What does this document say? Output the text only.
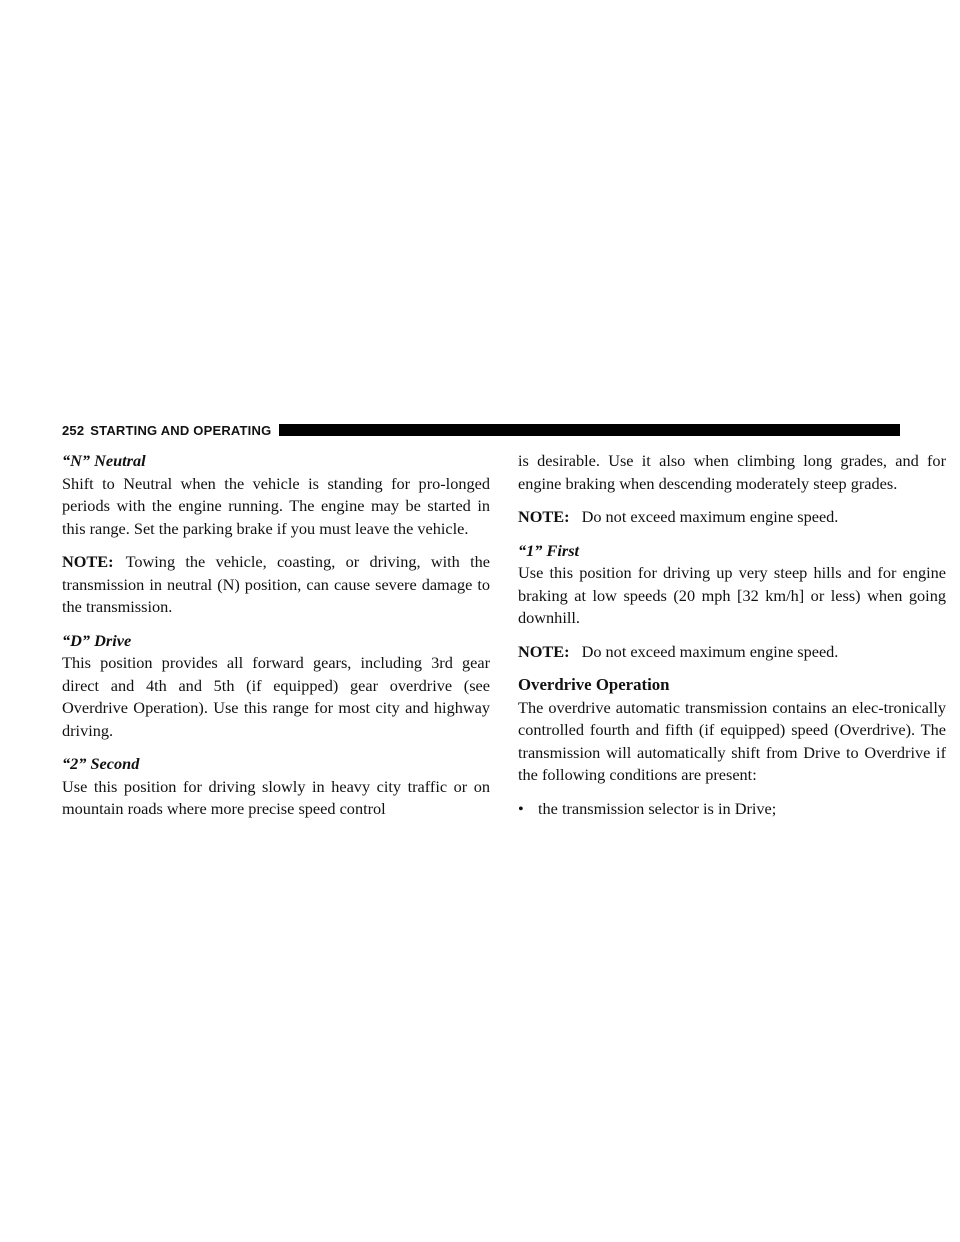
252 STARTING AND OPERATING

“N” Neutral

Shift to Neutral when the vehicle is standing for pro-longed periods with the engine running. The engine may be started in this range. Set the parking brake if you must leave the vehicle.

NOTE: Towing the vehicle, coasting, or driving, with the transmission in neutral (N) position, can cause severe damage to the transmission.

“D” Drive

This position provides all forward gears, including 3rd gear direct and 4th and 5th (if equipped) gear overdrive (see Overdrive Operation). Use this range for most city and highway driving.

“2” Second

Use this position for driving slowly in heavy city traffic or on mountain roads where more precise speed control

is desirable. Use it also when climbing long grades, and for engine braking when descending moderately steep grades.

NOTE: Do not exceed maximum engine speed.

“1” First

Use this position for driving up very steep hills and for engine braking at low speeds (20 mph [32 km/h] or less) when going downhill.

NOTE: Do not exceed maximum engine speed.

Overdrive Operation

The overdrive automatic transmission contains an elec-tronically controlled fourth and fifth (if equipped) speed (Overdrive). The transmission will automatically shift from Drive to Overdrive if the following conditions are present:

• the transmission selector is in Drive;
